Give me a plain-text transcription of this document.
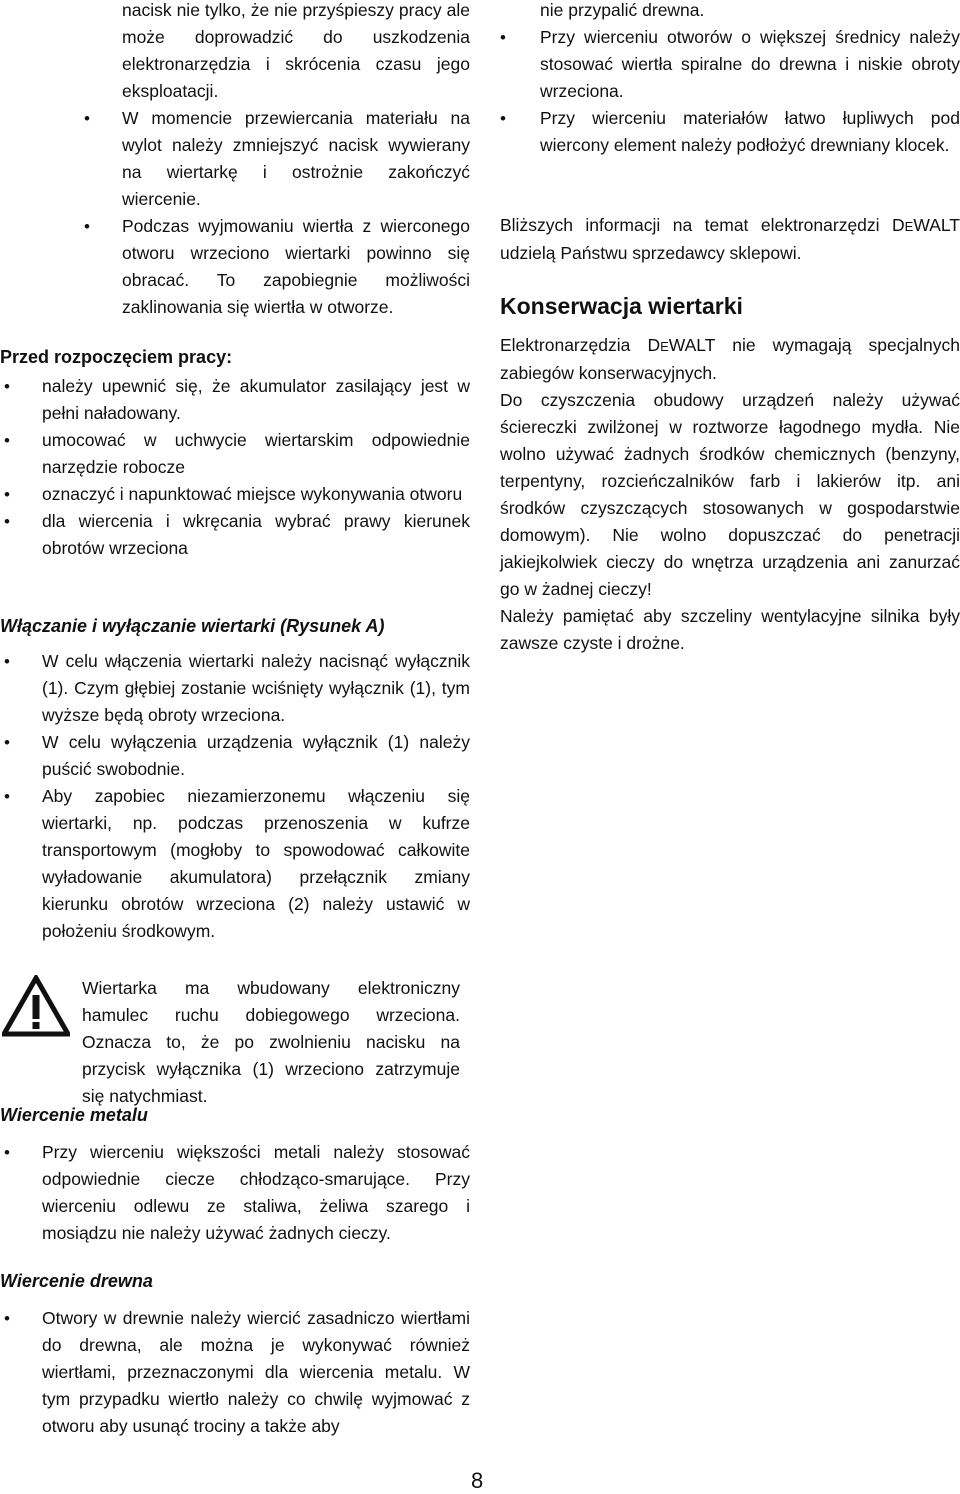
nacisk nie tylko, że nie przyśpieszy pracy ale może doprowadzić do uszkodzenia elektronarzędzia i skrócenia czasu jego eksploatacji.
• W momencie przewiercania materiału na wylot należy zmniejszyć nacisk wywierany na wiertarkę i ostrożnie zakończyć wiercenie.
• Podczas wyjmowaniu wiertła z wierconego otworu wrzeciono wiertarki powinno się obracać. To zapobiegnie możliwości zaklinowania się wiertła w otworze.
Przed rozpoczęciem pracy:
• należy upewnić się, że akumulator zasilający jest w pełni naładowany.
• umocować w uchwycie wiertarskim odpowiednie narzędzie robocze
• oznaczyć i napunktować miejsce wykonywania otworu
• dla wiercenia i wkręcania wybrać prawy kierunek obrotów wrzeciona
Włączanie i wyłączanie wiertarki (Rysunek A)
• W celu włączenia wiertarki należy nacisnąć wyłącznik (1). Czym głębiej zostanie wciśnięty wyłącznik (1), tym wyższe będą obroty wrzeciona.
• W celu wyłączenia urządzenia wyłącznik (1) należy puścić swobodnie.
• Aby zapobiec niezamierzonemu włączeniu się wiertarki, np. podczas przenoszenia w kufrze transportowym (mogłoby to spowodować całkowite wyładowanie akumulatora) przełącznik zmiany kierunku obrotów wrzeciona (2) należy ustawić w położeniu środkowym.

Wiertarka ma wbudowany elektroniczny hamulec ruchu dobiegowego wrzeciona. Oznacza to, że po zwolnieniu nacisku na przycisk wyłącznika (1) wrzeciono zatrzymuje się natychmiast.

Wiercenie metalu
• Przy wierceniu większości metali należy stosować odpowiednie ciecze chłodząco-smarujące. Przy wierceniu odlewu ze staliwa, żeliwa szarego i mosiądzu nie należy używać żadnych cieczy.
Wiercenie drewna
• Otwory w drewnie należy wiercić zasadniczo wiertłami do drewna, ale można je wykonywać również wiertłami, przeznaczonymi dla wiercenia metalu. W tym przypadku wiertło należy co chwilę wyjmować z otworu aby usunąć trociny a także aby

nie przypalić drewna.

• Przy wierceniu otworów o większej średnicy należy stosować wiertła spiralne do drewna i niskie obroty wrzeciona.
• Przy wierceniu materiałów łatwo łupliwych pod wiercony element należy podłożyć drewniany klocek.

Bliższych informacji na temat elektronarzędzi DEWALT udzielą Państwu sprzedawcy sklepowi.

Konserwacja wiertarki

Elektronarzędzia DEWALT nie wymagają specjalnych zabiegów konserwacyjnych.

Do czyszczenia obudowy urządzeń należy używać ściereczki zwilżonej w roztworze łagodnego mydła. Nie wolno używać żadnych środków chemicznych (benzyny, terpentyny, rozcieńczalników farb i lakierów itp. ani środków czyszczących stosowanych w gospodarstwie domowym). Nie wolno dopuszczać do penetracji jakiejkolwiek cieczy do wnętrza urządzenia ani zanurzać go w żadnej cieczy!

Należy pamiętać aby szczeliny wentylacyjne silnika były zawsze czyste i drożne.

8
